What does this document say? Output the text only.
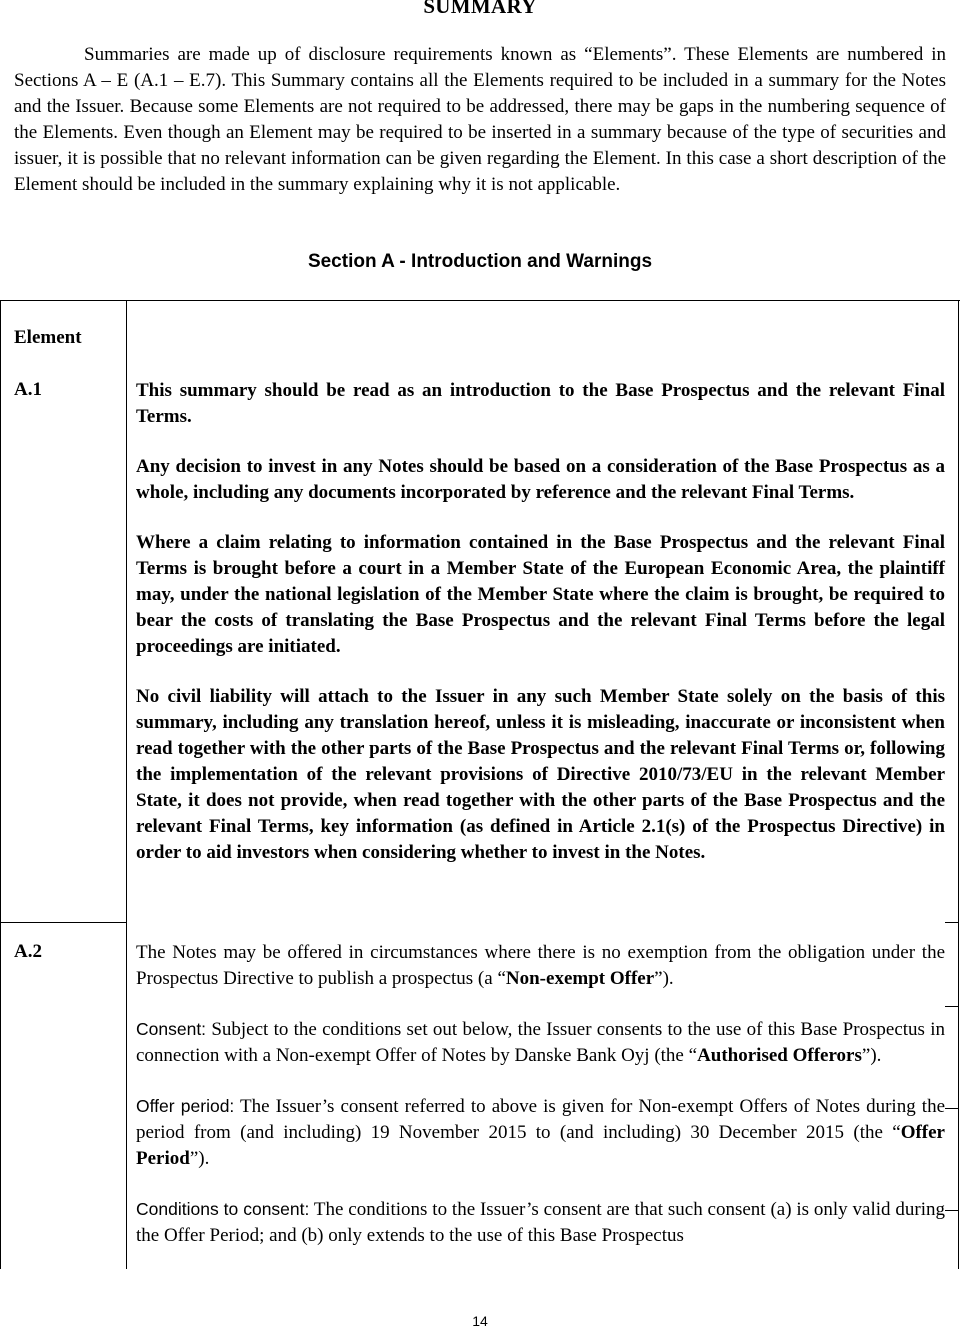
SUMMARY

Summaries are made up of disclosure requirements known as “Elements”. These Elements are numbered in Sections A – E (A.1 – E.7). This Summary contains all the Elements required to be included in a summary for the Notes and the Issuer. Because some Elements are not required to be addressed, there may be gaps in the numbering sequence of the Elements. Even though an Element may be required to be inserted in a summary because of the type of securities and issuer, it is possible that no relevant information can be given regarding the Element. In this case a short description of the Element should be included in the summary explaining why it is not applicable.

Section A - Introduction and Warnings
Element
A.1	This summary should be read as an introduction to the Base Prospectus and the relevant Final Terms.

Any decision to invest in any Notes should be based on a consideration of the Base Prospectus as a whole, including any documents incorporated by reference and the relevant Final Terms.

Where a claim relating to information contained in the Base Prospectus and the relevant Final Terms is brought before a court in a Member State of the European Economic Area, the plaintiff may, under the national legislation of the Member State where the claim is brought, be required to bear the costs of translating the Base Prospectus and the relevant Final Terms before the legal proceedings are initiated.

No civil liability will attach to the Issuer in any such Member State solely on the basis of this summary, including any translation hereof, unless it is misleading, inaccurate or inconsistent when read together with the other parts of the Base Prospectus and the relevant Final Terms or, following the implementation of the relevant provisions of Directive 2010/73/EU in the relevant Member State, it does not provide, when read together with the other parts of the Base Prospectus and the relevant Final Terms, key information (as defined in Article 2.1(s) of the Prospectus Directive) in order to aid investors when considering whether to invest in the Notes.

A.2	The Notes may be offered in circumstances where there is no exemption from the obligation under the Prospectus Directive to publish a prospectus (a “Non-exempt Offer”).

Consent: Subject to the conditions set out below, the Issuer consents to the use of this Base Prospectus in connection with a Non-exempt Offer of Notes by Danske Bank Oyj (the “Authorised Offerors”).

Offer period: The Issuer’s consent referred to above is given for Non-exempt Offers of Notes during the period from (and including) 19 November 2015 to (and including) 30 December 2015 (the “Offer Period”).

Conditions to consent: The conditions to the Issuer’s consent are that such consent (a) is only valid during the Offer Period; and (b) only extends to the use of this Base Prospectus

14
